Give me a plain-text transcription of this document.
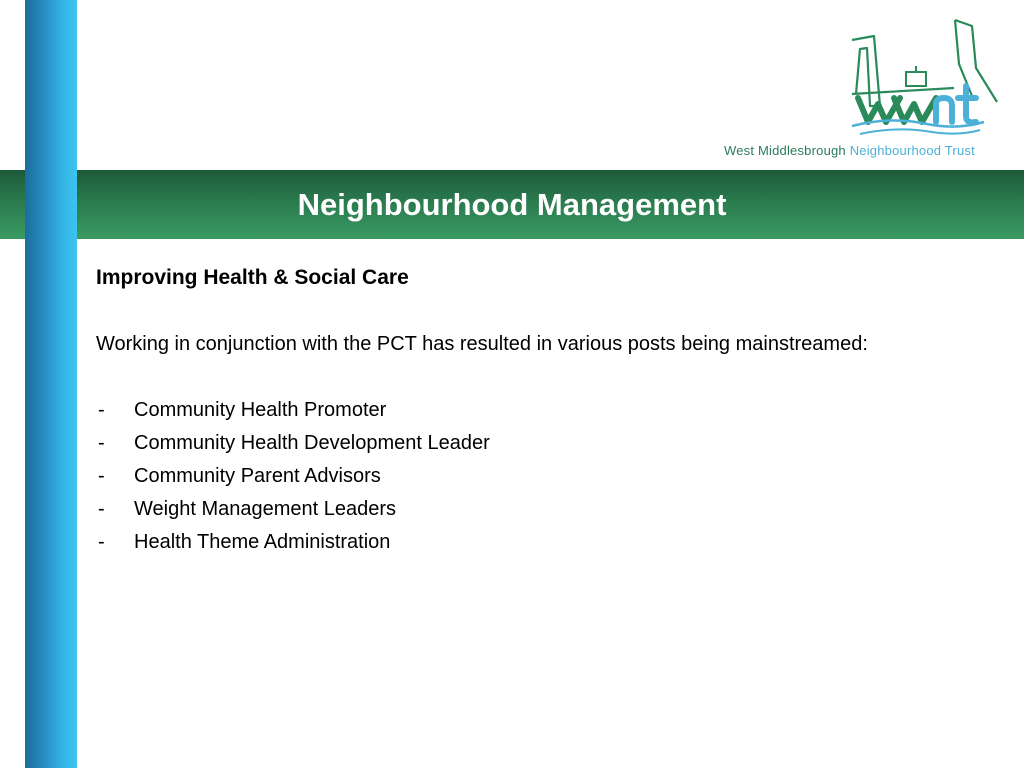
Neighbourhood Management
West Middlesbrough Neighbourhood Trust
Improving Health & Social Care
Working in conjunction with the PCT has resulted in various posts being mainstreamed:
- Community Health Promoter
- Community Health Development Leader
- Community Parent Advisors
- Weight Management Leaders
- Health Theme Administration
